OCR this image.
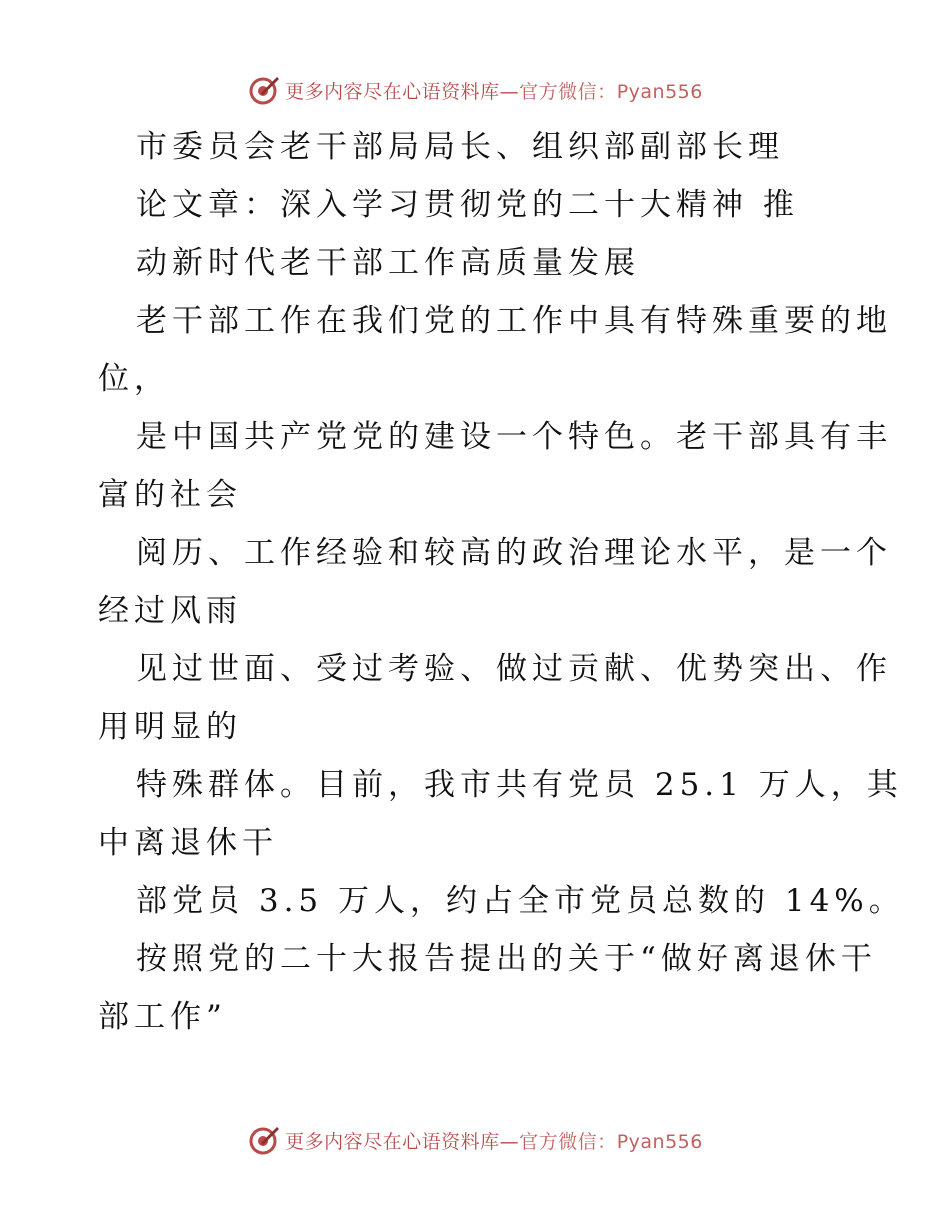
更多内容尽在心语资料库—官方微信：Pyan556
市委员会老干部局局长、组织部副部长理
论文章：深入学习贯彻党的二十大精神 推
动新时代老干部工作高质量发展
老干部工作在我们党的工作中具有特殊重要的地
位，
是中国共产党党的建设一个特色。老干部具有丰
富的社会
阅历、工作经验和较高的政治理论水平，是一个
经过风雨
见过世面、受过考验、做过贡献、优势突出、作
用明显的
特殊群体。目前，我市共有党员 25.1 万人，其
中离退休干
部党员 3.5 万人，约占全市党员总数的 14%。
按照党的二十大报告提出的关于“做好离退休干
部工作”
更多内容尽在心语资料库—官方微信：Pyan556
